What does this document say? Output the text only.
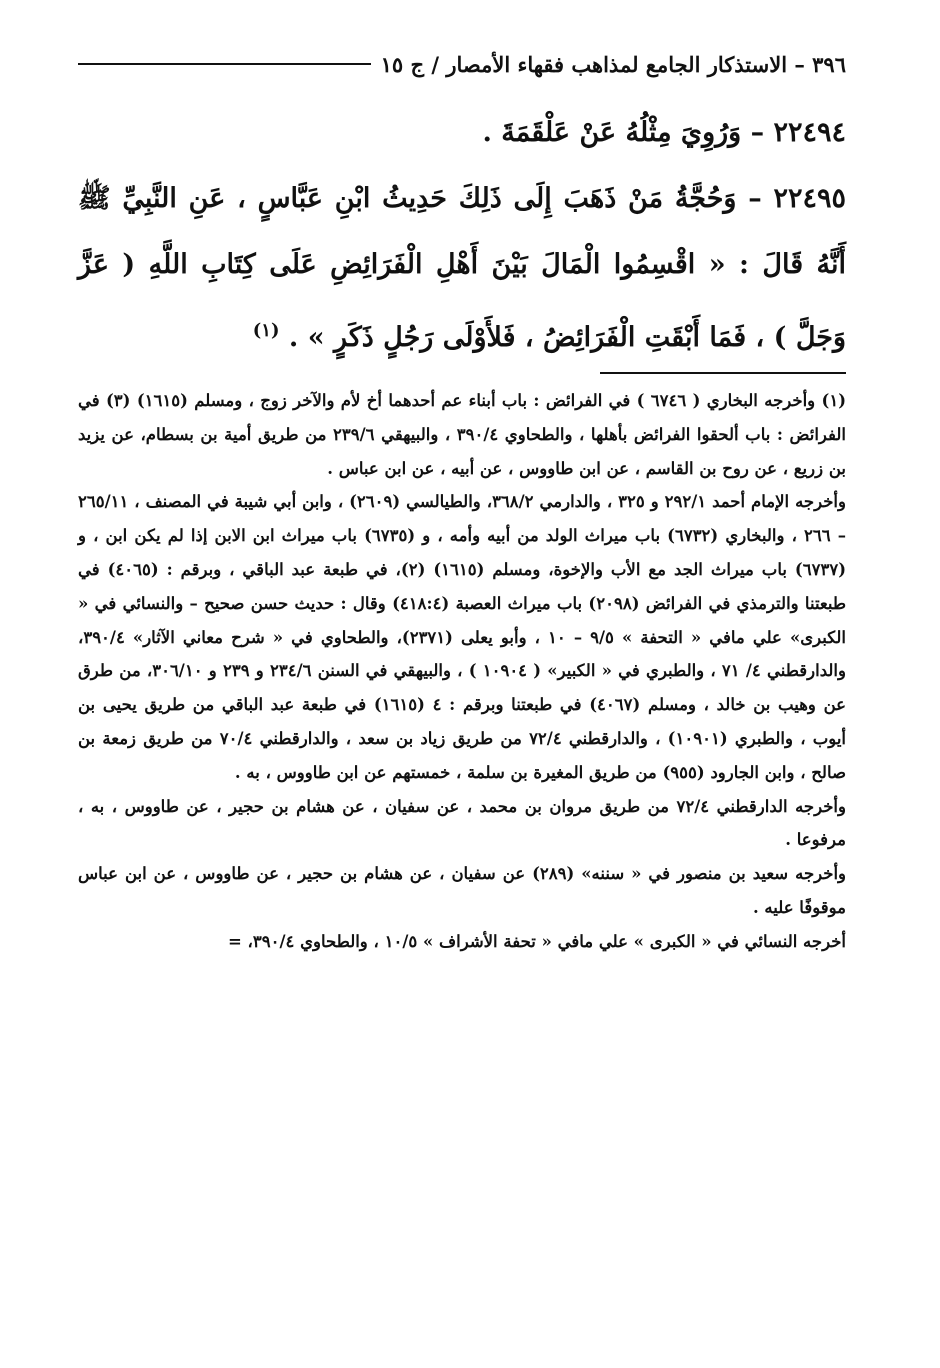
٣٩٦ – الاستذكار الجامع لمذاهب فقهاء الأمصار / ج ١٥

٢٢٤٩٤ – وَرُوِيَ مِثْلُهُ عَنْ عَلْقَمَةَ .

٢٢٤٩٥ – وَحُجَّةُ مَنْ ذَهَبَ إِلَى ذَلِكَ حَدِيثُ ابْنِ عَبَّاسٍ ، عَنِ النَّبِيِّ ﷺ أَنَّهُ قَالَ : « اقْسِمُوا الْمَالَ بَيْنَ أَهْلِ الْفَرَائِضِ عَلَى كِتَابِ اللَّهِ ( عَزَّ وَجَلَّ ) ، فَمَا أَبْقَتِ الْفَرَائِضُ ، فَلأَوْلَى رَجُلٍ ذَكَرٍ » . $^{(١)}$

(١) وأخرجه البخاري ( ٦٧٤٦ ) في الفرائض : باب أبناء عم أحدهما أخ لأم والآخر زوج ، ومسلم (١٦١٥) (٣) في الفرائض : باب ألحقوا الفرائض بأهلها ، والطحاوي ٣٩٠/٤ ، والبيهقي ٢٣٩/٦ من طريق أمية بن بسطام، عن يزيد بن زريع ، عن روح بن القاسم ، عن ابن طاووس ، عن أبيه ، عن ابن عباس .

وأخرجه الإمام أحمد ٢٩٢/١ و ٣٢٥ ، والدارمي ٣٦٨/٢، والطيالسي (٢٦٠٩) ، وابن أبي شيبة في المصنف ، ٢٦٥/١١ – ٢٦٦ ، والبخاري (٦٧٣٢) باب ميراث الولد من أبيه وأمه ، و (٦٧٣٥) باب ميراث ابن الابن إذا لم يكن ابن ، و (٦٧٣٧) باب ميراث الجد مع الأب والإخوة، ومسلم (١٦١٥) (٢)، في طبعة عبد الباقي ، وبرقم : (٤٠٦٥) في طبعتنا والترمذي في الفرائض (٢٠٩٨) باب ميراث العصبة (٤١٨:٤) وقال : حديث حسن صحيح – والنسائي في « الكبرى» علي مافي « التحفة » ٩/٥ – ١٠ ، وأبو يعلى (٢٣٧١)، والطحاوي في « شرح معاني الآثار» ٣٩٠/٤، والدارقطني ٤/ ٧١ ، والطبري في « الكبير» ( ١٠٩٠٤ ) ، والبيهقي في السنن ٢٣٤/٦ و ٢٣٩ و ٣٠٦/١٠، من طرق عن وهيب بن خالد ، ومسلم (٤٠٦٧) في طبعتنا وبرقم : ٤ (١٦١٥) في طبعة عبد الباقي من طريق يحيى بن أيوب ، والطبري (١٠٩٠١) ، والدارقطني ٧٢/٤ من طريق زياد بن سعد ، والدارقطني ٧٠/٤ من طريق زمعة بن صالح ، وابن الجارود (٩٥٥) من طريق المغيرة بن سلمة ، خمستهم عن ابن طاووس ، به .

وأخرجه الدارقطني ٧٢/٤ من طريق مروان بن محمد ، عن سفيان ، عن هشام بن حجير ، عن طاووس ، به ، مرفوعا .

وأخرجه سعيد بن منصور في « سننه» (٢٨٩) عن سفيان ، عن هشام بن حجير ، عن طاووس ، عن ابن عباس موقوفًا عليه .

أخرجه النسائي في « الكبرى » علي مافي « تحفة الأشراف » ١٠/٥ ، والطحاوي ٣٩٠/٤، =
